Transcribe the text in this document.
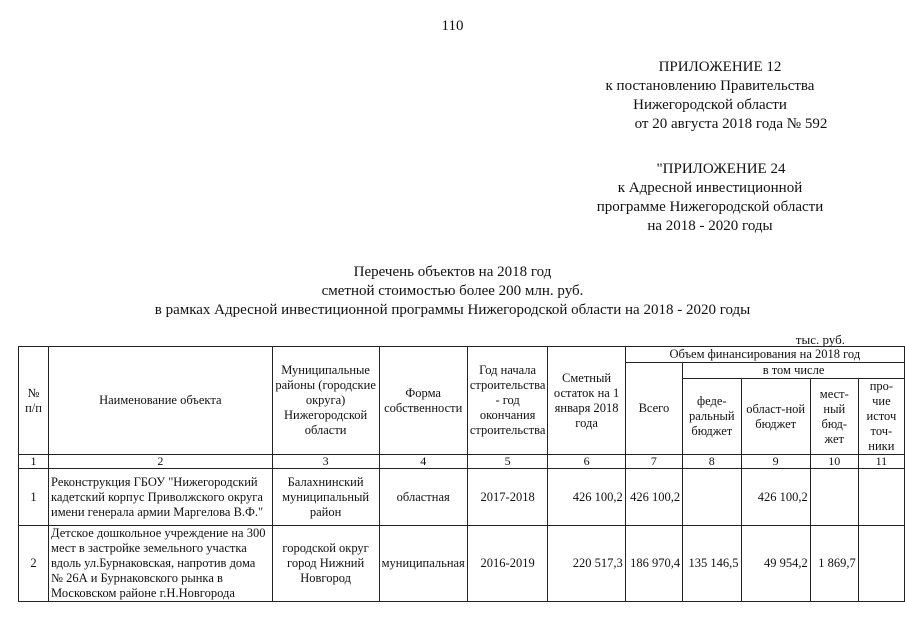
110
ПРИЛОЖЕНИЕ 12
к постановлению Правительства
Нижегородской области
от 20 августа 2018 года № 592
"ПРИЛОЖЕНИЕ 24
к Адресной инвестиционной
программе Нижегородской области
на 2018 - 2020 годы
Перечень объектов на 2018 год
сметной стоимостью более 200 млн. руб.
в рамках Адресной инвестиционной программы Нижегородской области на 2018 - 2020 годы
тыс. руб.
№ п/п	Наименование объекта	Муниципальные районы (городские округа) Нижегородской области	Форма собственности	Год начала строительства - год окончания строительства	Сметный остаток на 1 января 2018 года	Объем финансирования на 2018 год				
						Всего	в том числе			
							феде-ральный бюджет	област-ной бюджет	мест-ный бюд-жет	про-чие источ точ-ники
1	2	3	4	5	6	7	8	9	10	11
1	Реконструкция ГБОУ "Нижегородский кадетский корпус Приволжского округа имени генерала армии Маргелова В.Ф."	Балахнинский муниципальный район	областная	2017-2018	426 100,2	426 100,2		426 100,2		
2	Детское дошкольное учреждение на 300 мест в застройке земельного участка вдоль ул.Бурнаковская, напротив дома № 26А и Бурнаковского рынка в Московском районе г.Н.Новгорода	городской округ город Нижний Новгород	муниципальная	2016-2019	220 517,3	186 970,4	135 146,5	49 954,2	1 869,7	
